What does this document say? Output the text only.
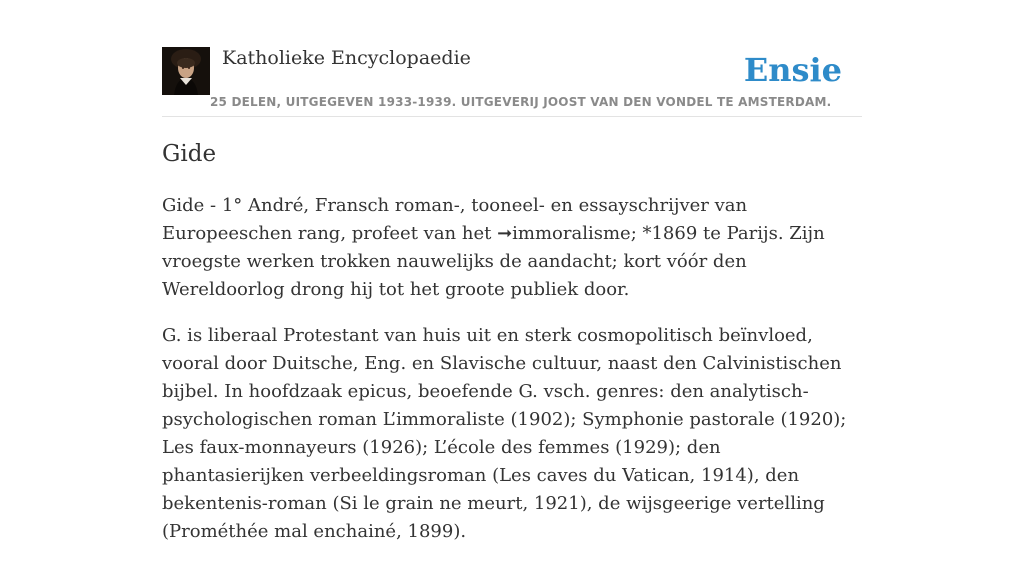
Katholieke Encyclopaedie	Ensie
25 DELEN, UITGEGEVEN 1933-1939. UITGEVERIJ JOOST VAN DEN VONDEL TE AMSTERDAM.
Gide

Gide - 1° André, Fransch roman-, tooneel- en essayschrijver van Europeeschen rang, profeet van het ➞immoralisme; *1869 te Parijs. Zijn vroegste werken trokken nauwelijks de aandacht; kort vóór den Wereldoorlog drong hij tot het groote publiek door.

G. is liberaal Protestant van huis uit en sterk cosmopolitisch beïnvloed, vooral door Duitsche, Eng. en Slavische cultuur, naast den Calvinistischen bijbel. In hoofdzaak epicus, beoefende G. vsch. genres: den analytisch-psychologischen roman L’immoraliste (1902); Symphonie pastorale (1920); Les faux-monnayeurs (1926); L’école des femmes (1929); den phantasierijken verbeeldingsroman (Les caves du Vatican, 1914), den bekentenis-roman (Si le grain ne meurt, 1921), de wijsgeerige vertelling (Prométhée mal enchainé, 1899).
